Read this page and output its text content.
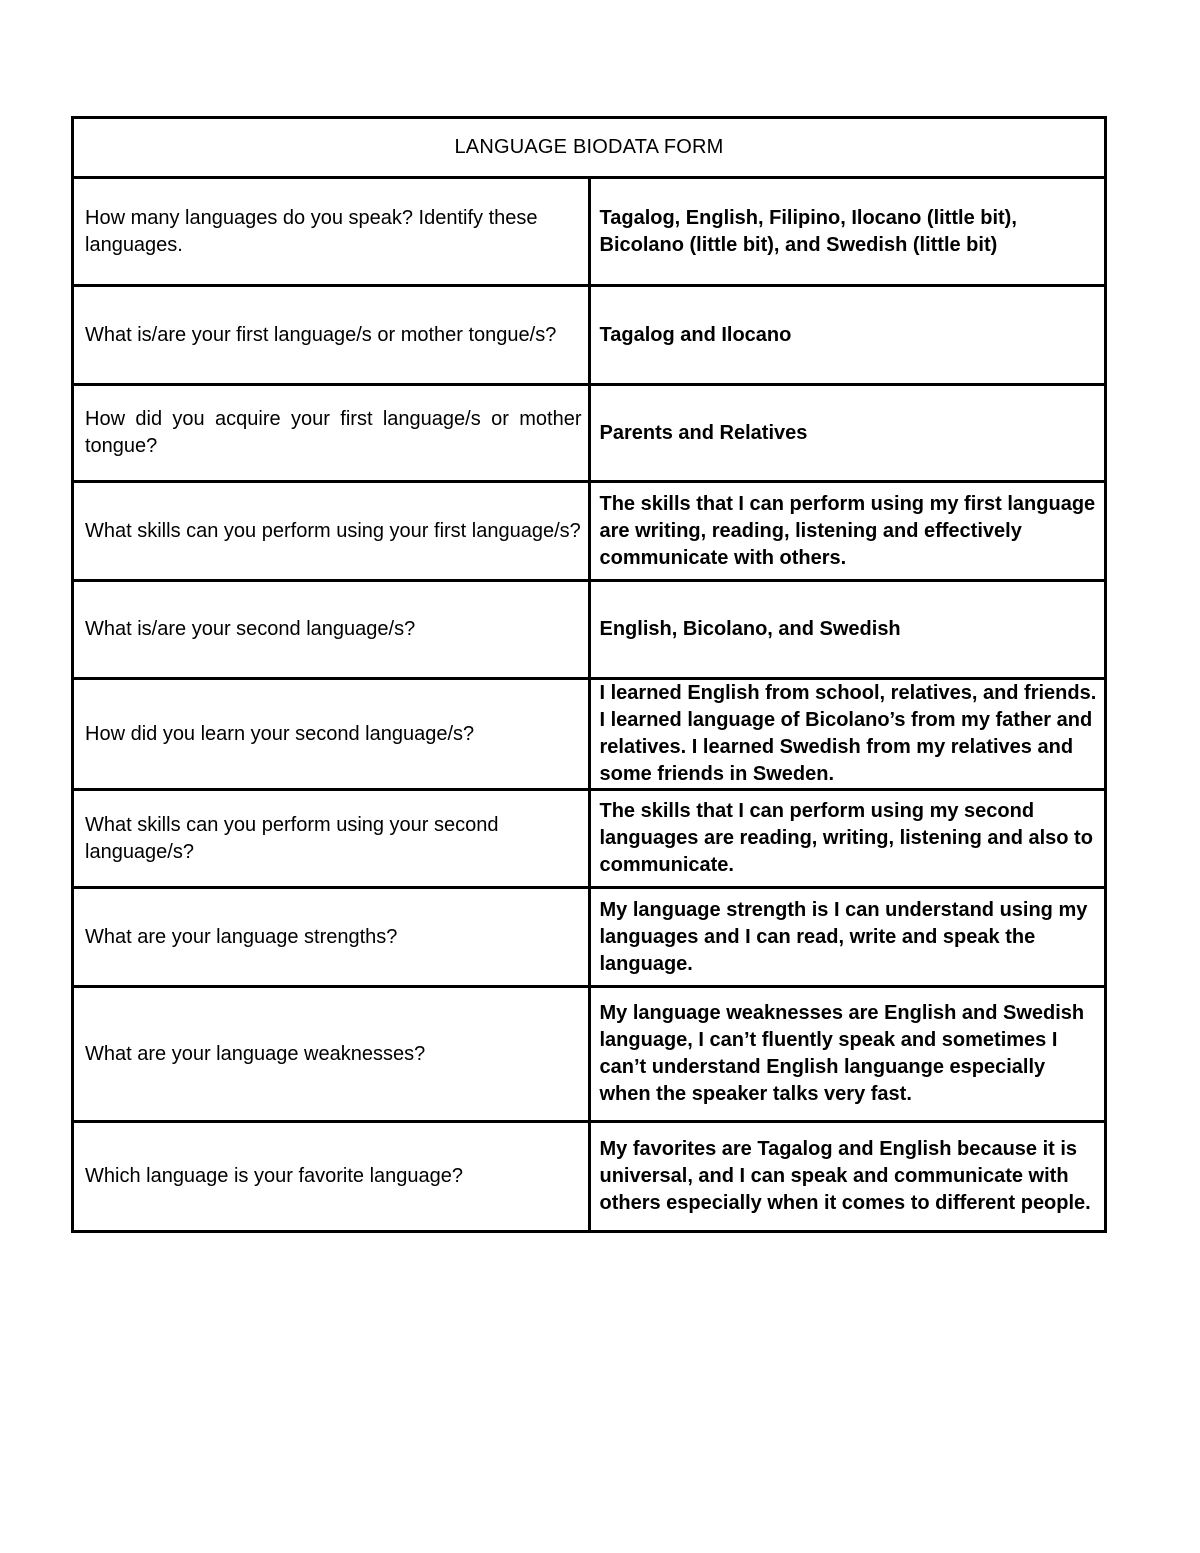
LANGUAGE BIODATA FORM	
How many languages do you speak? Identify these languages.	Tagalog, English, Filipino, Ilocano (little bit), Bicolano (little bit), and Swedish (little bit)
What is/are your first language/s or mother tongue/s?	Tagalog and Ilocano
How did you acquire your first language/s or mother tongue?	Parents and Relatives
What skills can you perform using your first language/s?	The skills that I can perform using my first language are writing, reading, listening and effectively communicate with others.
What is/are your second language/s?	English, Bicolano, and Swedish
How did you learn your second language/s?	I learned English from school, relatives, and friends. I learned language of Bicolano’s from my father and relatives. I learned Swedish from my relatives and some friends in Sweden.
What skills can you perform using your second language/s?	The skills that I can perform using my second languages are reading, writing, listening and also to communicate.
What are your language strengths?	My language strength is I can understand using my languages and I can read, write and speak the language.
What are your language weaknesses?	My language weaknesses are English and Swedish language, I can’t fluently speak and sometimes I can’t understand English languange especially when the speaker talks very fast.
Which language is your favorite language?	My favorites are Tagalog and English because it is universal, and I can speak and communicate with others especially when it comes to different people.
